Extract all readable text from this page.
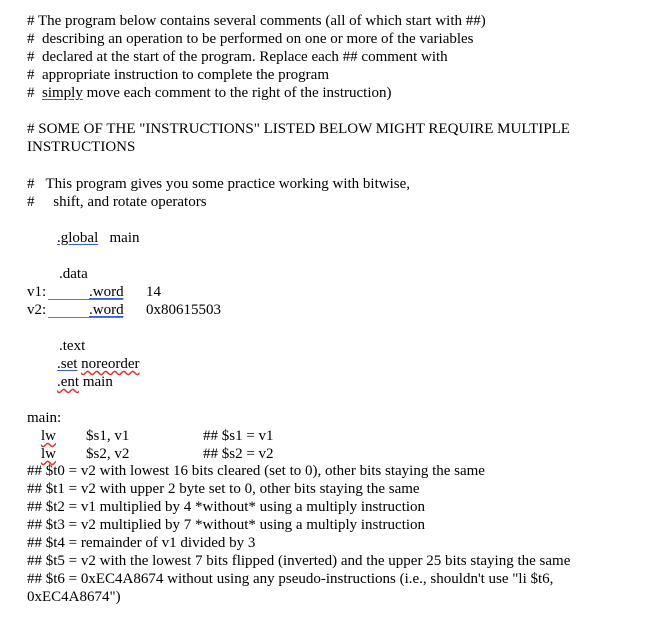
# The program below contains several comments (all of which start with ##)
#  describing an operation to be performed on one or more of the variables
#  declared at the start of the program. Replace each ## comment with
#  appropriate instruction to complete the program
#  simply move each comment to the right of the instruction)
# SOME OF THE "INSTRUCTIONS" LISTED BELOW MIGHT REQUIRE MULTIPLE
INSTRUCTIONS
#   This program gives you some practice working with bitwise,
#     shift, and rotate operators
.global main
.data
v1:	.word 14
v2:	.word 0x80615503
.text
.set noreorder
.ent main
main:
lw $s1, v1	## $s1 = v1
lw $s2, v2	## $s2 = v2
## $t0 = v2 with lowest 16 bits cleared (set to 0), other bits staying the same
## $t1 = v2 with upper 2 byte set to 0, other bits staying the same
## $t2 = v1 multiplied by 4 *without* using a multiply instruction
## $t3 = v2 multiplied by 7 *without* using a multiply instruction
## $t4 = remainder of v1 divided by 3
## $t5 = v2 with the lowest 7 bits flipped (inverted) and the upper 25 bits staying the same
## $t6 = 0xEC4A8674 without using any pseudo-instructions (i.e., shouldn't use "li $t6,
0xEC4A8674")
